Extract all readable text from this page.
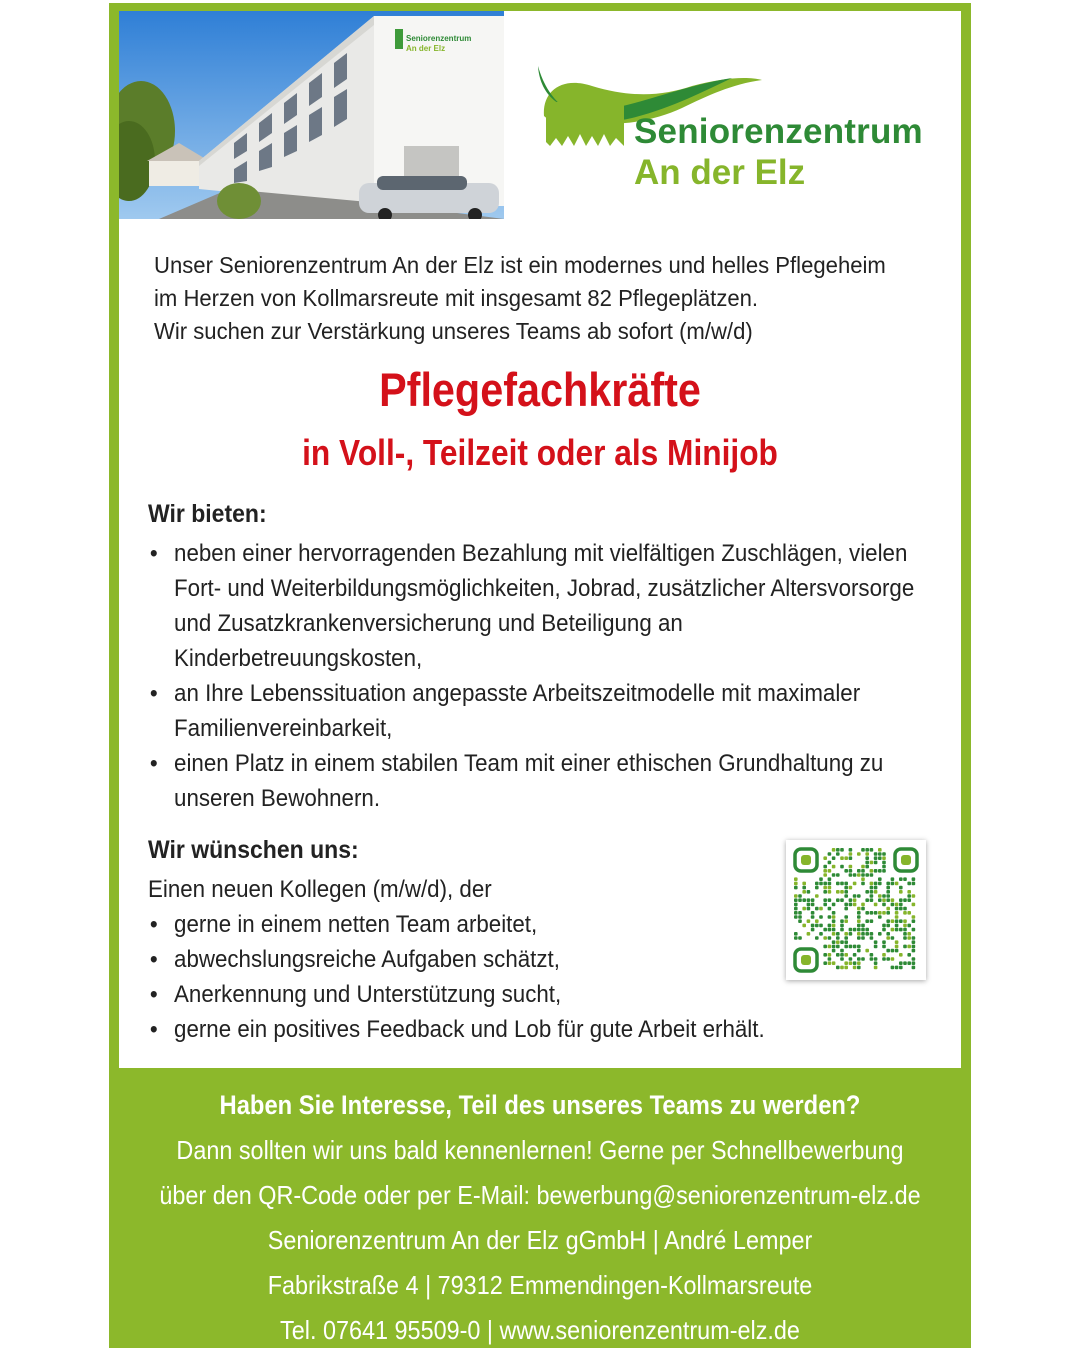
Seniorenzentrum
An der Elz
Seniorenzentrum
An der Elz
Unser Seniorenzentrum An der Elz ist ein modernes und helles Pflegeheim
im Herzen von Kollmarsreute mit insgesamt 82 Pflegeplätzen.
Wir suchen zur Verstärkung unseres Teams ab sofort (m/w/d)
Pflegefachkräfte
in Voll-, Teilzeit oder als Minijob
Wir bieten:
• neben einer hervorragenden Bezahlung mit vielfältigen Zuschlägen, vielen Fort- und Weiterbildungsmöglichkeiten, Jobrad, zusätzlicher Altersvorsorge und Zusatzkrankenversicherung und Beteiligung an Kinderbetreuungskosten,
• an Ihre Lebenssituation angepasste Arbeitszeitmodelle mit maximaler Familienvereinbarkeit,
• einen Platz in einem stabilen Team mit einer ethischen Grundhaltung zu unseren Bewohnern.
Wir wünschen uns:
Einen neuen Kollegen (m/w/d), der
• gerne in einem netten Team arbeitet,
• abwechslungsreiche Aufgaben schätzt,
• Anerkennung und Unterstützung sucht,
• gerne ein positives Feedback und Lob für gute Arbeit erhält.
Haben Sie Interesse, Teil des unseres Teams zu werden?
Dann sollten wir uns bald kennenlernen! Gerne per Schnellbewerbung
über den QR-Code oder per E-Mail: bewerbung@seniorenzentrum-elz.de
Seniorenzentrum An der Elz gGmbH | André Lemper
Fabrikstraße 4 | 79312 Emmendingen-Kollmarsreute
Tel. 07641 95509-0 | www.seniorenzentrum-elz.de
